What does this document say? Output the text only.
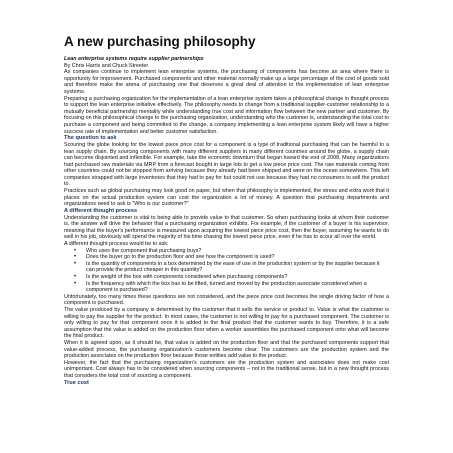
A new purchasing philosophy

Lean enterprise systems require supplier partnerships

By Chris Harris and Chuck Streeter

As companies continue to implement lean enterprise systems, the purchasing of components has become an area where there is opportunity for improvement. Purchased components and other material normally make up a large percentage of the cost of goods sold and therefore make the arena of purchasing one that deserves a great deal of attention in the implementation of lean enterprise systems.

Preparing a purchasing organization for the implementation of a lean enterprise system takes a philosophical change in thought process to support the lean enterprise initiative effectively. The philosophy needs to change from a traditional supplier-customer relationship to a mutually beneficial partnership mentality while understanding true cost and information flow between the new partner and customer. By focusing on this philosophical change to the purchasing organization, understanding who the customer is, understanding the total cost to purchase a component and being committed to the change, a company implementing a lean enterprise system likely will have a higher success rate of implementation and better customer satisfaction.

The question to ask

Scouring the globe looking for the lowest piece price cost for a component is a type of traditional purchasing that can be harmful to a lean supply chain. By sourcing components with many different suppliers in many different countries around the globe, a supply chain can become disjointed and inflexible. For example, take the economic downturn that began toward the end of 2008. Many organizations had purchased raw materials via MRP from a forecast bought in large lots to get a low piece price cost. The raw materials coming from other countries could not be stopped from arriving because they already had been shipped and were on the ocean somewhere. This left companies strapped with large inventories that they had to pay for but could not use because they had no consumers to sell the product to.

Practices such as global purchasing may look good on paper, but when that philosophy is implemented, the stress and extra work that it places on the actual production system can cost the organization a lot of money. A question that purchasing departments and organizations need to ask is "Who is our customer?"

A different thought process

Understanding the customer is vital to being able to provide value to that customer. So when purchasing looks at whom their customer is, the answer will drive the behavior that a purchasing organization exhibits. For example, if the customer of a buyer is his supervisor, meaning that the buyer's performance is measured upon acquiring the lowest piece price cost, then the buyer, assuming he wants to do well in his job, obviously will spend the majority of his time chasing the lowest piece price, even if he has to scour all over the world.

A different thought process would be to ask:

• Who uses the component that purchasing buys?
• Does the buyer go to the production floor and see how the component is used?
• Is the quantity of components in a box determined by the ease of use in the production system or by the supplier because it can provide the product cheaper in this quantity?
• Is the weight of the box with components considered when purchasing components?
• Is the frequency with which the box has to be lifted, turned and moved by the production associate considered when a component is purchased?

Unfortunately, too many times these questions are not considered, and the piece price cost becomes the single driving factor of how a component is purchased.

The value produced by a company is determined by the customer that it sells the service or product to. Value is what the customer is willing to pay the supplier for the product. In most cases, the customer is not willing to pay for a purchased component. The customer is only willing to pay for that component once it is added to the final product that the customer wants to buy. Therefore, it is a safe assumption that the value is added on the production floor when a worker assembles the purchased component onto what will become the final product.

When it is agreed upon, as it should be, that value is added on the production floor and that the purchased components support that value-added process, the purchasing organization's customers become clear. The customers are the production system and the production associates on the production floor because those entities add value to the product.

However, the fact that the purchasing organization's customers are the production system and associates does not make cost unimportant. Cost always has to be considered when sourcing components – not in the traditional sense, but in a new thought process that considers the total cost of sourcing a component.

True cost
